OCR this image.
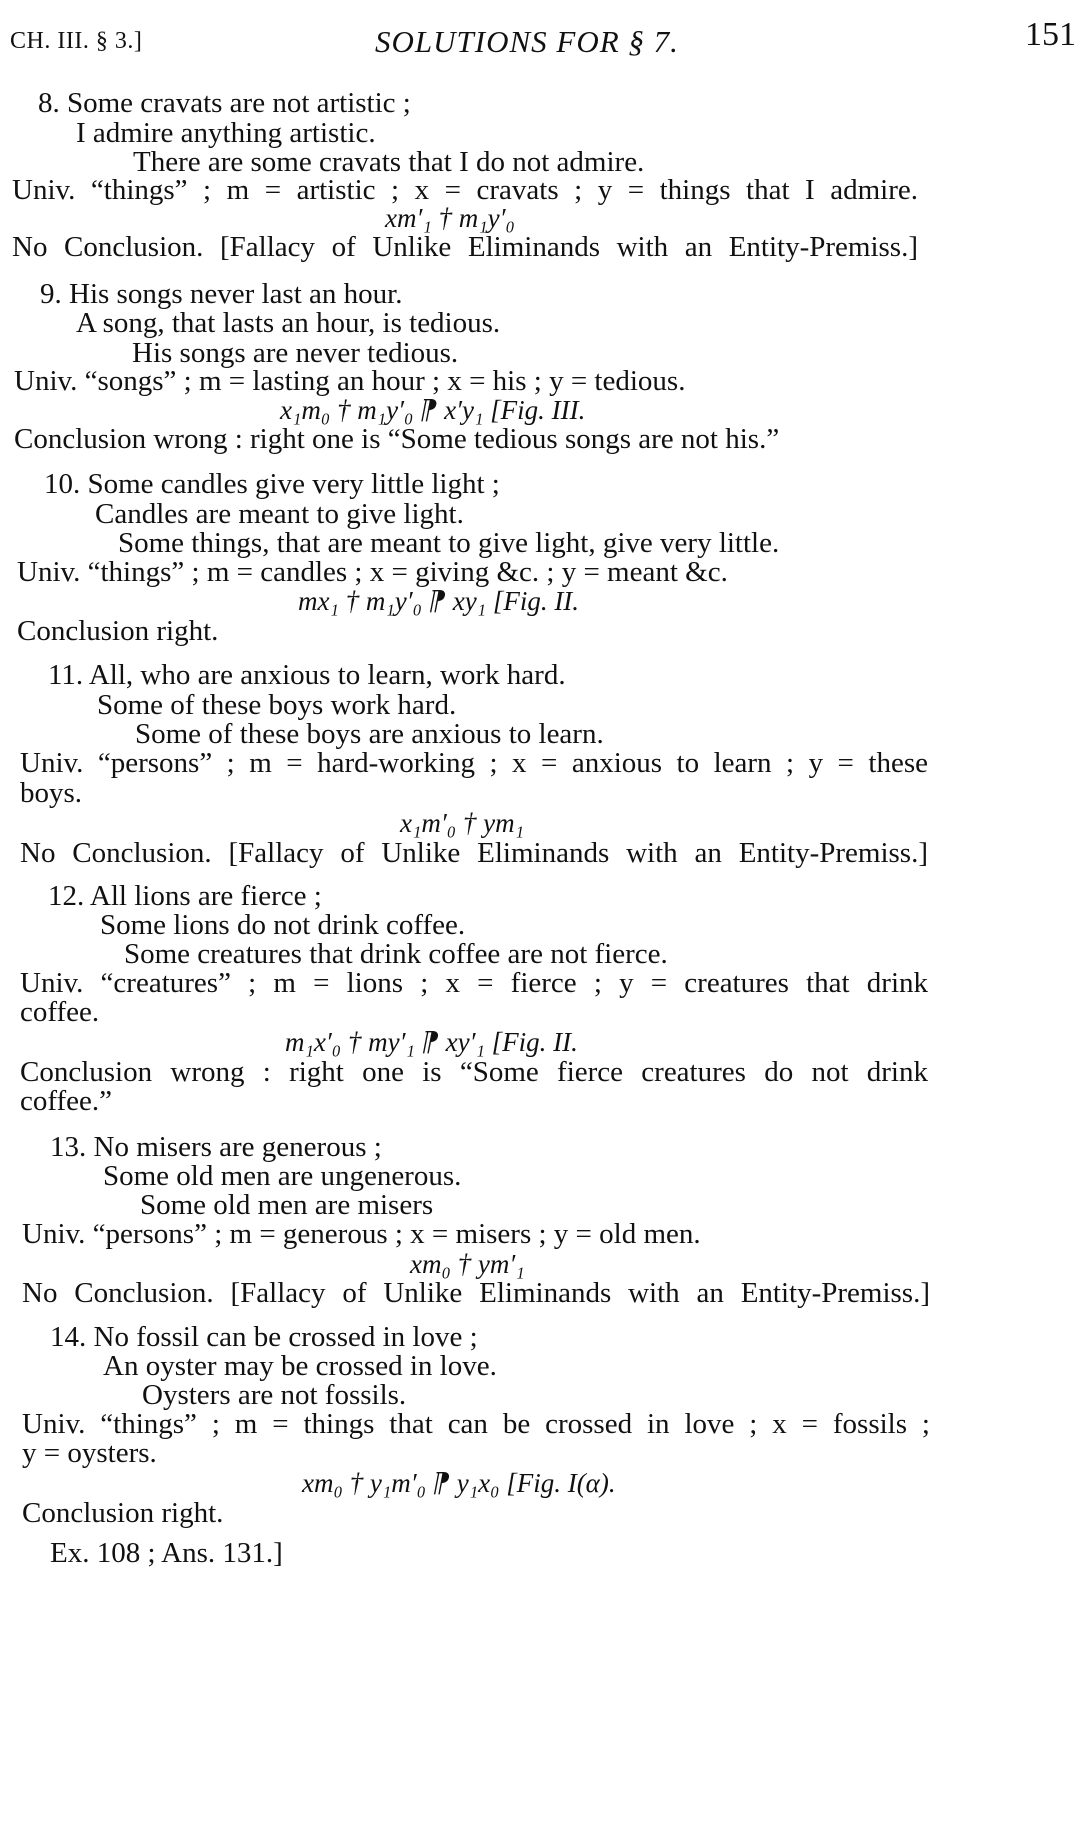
CH. III. § 3.]	SOLUTIONS FOR § 7.	151
8. Some cravats are not artistic ;
I admire anything artistic.
There are some cravats that I do not admire.
Univ. “things” ; m = artistic ; x = cravats ; y = things that I admire.
xm′₁ † m₁y′₀
No Conclusion. [Fallacy of Unlike Eliminands with an Entity-Premiss.]
9. His songs never last an hour.
A song, that lasts an hour, is tedious.
His songs are never tedious.
Univ. “songs” ; m = lasting an hour ; x = his ; y = tedious.
x₁m₀ † m₁y′₀ ⁋ x′y₁ [Fig. III.
Conclusion wrong : right one is “Some tedious songs are not his.”
10. Some candles give very little light ;
Candles are meant to give light.
Some things, that are meant to give light, give very little.
Univ. “things” ; m = candles ; x = giving &c. ; y = meant &c.
mx₁ † m₁y′₀ ⁋ xy₁ [Fig. II.
Conclusion right.
11. All, who are anxious to learn, work hard.
Some of these boys work hard.
Some of these boys are anxious to learn.
Univ. “persons” ; m = hard-working ; x = anxious to learn ; y = these
boys.
x₁m′₀ † ym₁
No Conclusion. [Fallacy of Unlike Eliminands with an Entity-Premiss.]
12. All lions are fierce ;
Some lions do not drink coffee.
Some creatures that drink coffee are not fierce.
Univ. “creatures” ; m = lions ; x = fierce ; y = creatures that drink
coffee.
m₁x′₀ † my′₁ ⁋ xy′₁ [Fig. II.
Conclusion wrong : right one is “Some fierce creatures do not drink
coffee.”
13. No misers are generous ;
Some old men are ungenerous.
Some old men are misers
Univ. “persons” ; m = generous ; x = misers ; y = old men.
xm₀ † ym′₁
No Conclusion. [Fallacy of Unlike Eliminands with an Entity-Premiss.]
14. No fossil can be crossed in love ;
An oyster may be crossed in love.
Oysters are not fossils.
Univ. “things” ; m = things that can be crossed in love ; x = fossils ;
y = oysters.
xm₀ † y₁m′₀ ⁋ y₁x₀ [Fig. I(α).
Conclusion right.
Ex. 108 ; Ans. 131.]
